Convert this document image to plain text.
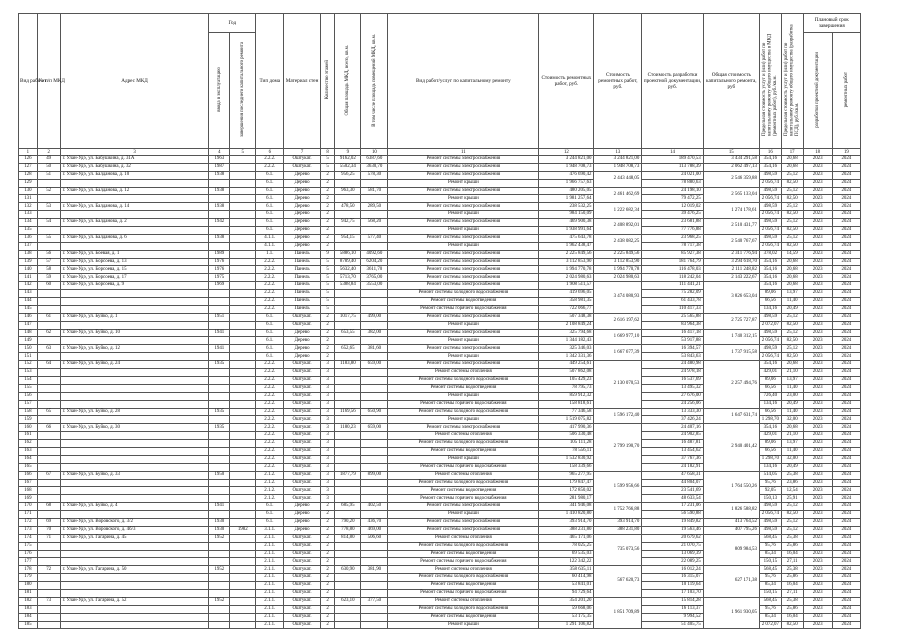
Вид рабо от	№ п/п МКД	Адрес МКД	Год		Тип дома	Материал стен	Количество этажей	Общая площадь МКД, всего, кв.м.	В том числе площадь помещений МКД, кв.м.	Вид работ/услуг по капитальному ремонту	Стоимость ремонтных работ, руб.	Стоимость ремонтных работ, руб.	Стоимость разработки проектной документации, руб.	Общая стоимость капитального ремонта, руб	Предельная стоимость услуг и (или) работ по капитальному ремонту общего имущества в МКД (ремонтных работ), руб./кв.м.	Предельная стоимость услуг и (или) работ по капитальному ремонту общего имущества (разработка ПСД), руб./кв.м.	Плановый срок завершения	
			ввода в эксплуатацию	завершения последнего капитального ремонта													разработки проектной документации	ремонтных работ
1	2	3	4	5	6	7	8	9	10	11	12	13	14	15	16	17	18	19
126	49	г. Улан-Удэ, ул. Бабушкина, д. 31А	1963		2.2.2.	Оштукат.	5	9162,02	6387,60	Ремонт системы электроснабжения	3 244 821,00	3 244 821,00	189 470,53	3 434 291,58	354,16	20,68	2023	2024
127	50	г. Улан-Удэ, ул. Бабушкина, д. 32	1987		2.2.2.	Оштукат.	5	5502,34	3630,70	Ремонт системы электроснабжения	1 948 708,73	1 948 708,73	113 788,39	2 062 497,13	354,16	20,68	2023	2024
128	51	г. Улан-Удэ, ул. Балданова, д. 10	1938		6.1.	Дерево	2	956,25	578,30	Ремонт системы электроснабжения	476 690,42	2 443 448,05	24 021,00	2 546 359,88	498,59	25,12	2023	2024
129					6.1.	Дерево	2			Ремонт крыши	1 966 757,63		78 880,63		2 056,74	82,50	2023	2024
130	52	г. Улан-Удэ, ул. Балданова, д. 12	1938		6.1.	Дерево	2	963,30	581,70	Ремонт системы электроснабжения	480 205,05	2 461 462,69	24 198,10	2 565 133,04	498,59	25,12	2023	2024
131					6.1.	Дерево	2			Ремонт крыши	1 981 257,64		79 472,25		2 056,74	82,50	2023	2024
132	53	г. Улан-Удэ, ул. Балданова, д. 14	1938		6.1.	Дерево	2	478,50	289,50	Ремонт системы электроснабжения	238 532,25	1 222 682,34	12 019,02	1 274 178,61	498,59	25,12	2023	2024
133					6.1.	Дерево	2			Ремонт крыши	984 150,09		39 476,25		2 056,74	82,50	2023	2024
134	54	г. Улан-Удэ, ул. Балданова, д. 2	1942		6.1.	Дерево	2	942,75	568,20	Ремонт системы электроснабжения	469 900,38	2 408 892,01	23 681,88	2 510 431,77	498,59	25,12	2023	2024
135					6.1.	Дерево	2			Ремонт крыши	1 938 991,64		77 776,88		2 056,74	82,50	2023	2024
136	55	г. Улан-Удэ, ул. Балданова, д. 6	1938		4.1.1.	Дерево	2	954,15	577,40	Ремонт системы электроснабжения	475 643,78	2 438 082,25	23 968,25	2 540 767,67	498,59	25,12	2023	2024
137					4.1.1.	Дерево	2			Ремонт крыши	1 962 438,47		78 717,38		2 056,74	82,50	2023	2024
138	56	г. Улан-Удэ, ул. Боевая, д. 1	1989		1.1.	Панель	9	5886,10	4092,60	Ремонт системы электроснабжения	2 225 849,56	2 225 849,56	85 927,38	2 311 776,94	378,02	14,59	2023	2024
139	57	г. Улан-Удэ, ул. Борсоева, д. 13	1976		2.2.2.	Панель	5	8789,40	6204,20	Ремонт системы электроснабжения	3 112 853,90	3 112 853,90	181 764,79	3 294 618,70	354,16	20,68	2023	2024
140	58	г. Улан-Удэ, ул. Борсоева, д. 15	1976		2.2.2.	Панель	5	5632,40	3611,70	Ремонт системы электроснабжения	1 994 770,78	1 994 770,78	116 478,03	2 111 248,82	354,16	20,68	2023	2024
141	59	г. Улан-Удэ, ул. Борсоева, д. 17	1975		2.2.2.	Панель	5	5713,70	3765,00	Ремонт системы электроснабжения	2 024 980,63	2 024 980,63	118 242,04	2 143 222,67	354,16	20,68	2023	2024
142	60	г. Улан-Удэ, ул. Борсоева, д. 9	1969		2.2.2.	Панель	5	5388,84	3553,00	Ремонт системы электроснабжения	1 908 511,57	3 474 080,93	111 441,21	3 826 653,04	354,16	20,68	2023	2024
143					2.2.2.	Панель	5			Ремонт системы холодного водоснабжения	419 696,05		75 282,09		89,06	13,97	2023	2024
144					2.2.2.	Панель	5			Ремонт системы водоотведения	358 981,35		61 433,78		66,56	11,40	2023	2024
145					2.2.2.	Панель	5			Ремонт системы горячего водоснабжения	722 066,77		110 417,33		134,16	20,49	2023	2024
146	61	г. Улан-Удэ, ул. Буйко, д. 1	1951		6.1.	Оштукат.	2	1017,75	499,00	Ремонт системы электроснабжения	507 348,38	2 616 197,62	25 565,88	2 725 727,87	498,59	25,12	2023	2024
147					6.1.	Оштукат.	2			Ремонт крыши	2 108 849,24		83 964,38		2 072,07	82,50	2023	2024
148	62	г. Улан-Удэ, ул. Буйко, д. 10	1941		6.1.	Дерево	2	653,55	382,00	Ремонт системы электроснабжения	325 794,68	1 669 977,10	16 417,18	1 740 312,15	498,59	25,12	2023	2024
149					6.1.	Дерево	2			Ремонт крыши	1 344 182,43		53 917,88		2 056,74	82,50	2023	2024
150	63	г. Улан-Удэ, ул. Буйко, д. 12	1941		6.1.	Дерево	2	652,65	381,60	Ремонт системы электроснабжения	325 346,03	1 667 677,39	16 394,57	1 737 915,58	498,59	25,12	2023	2024
151					6.1.	Дерево	2			Ремонт крыши	1 342 331,36		53 843,63		2 056,74	82,50	2023	2024
152	64	г. Улан-Удэ, ул. Буйко, д. 24	1935		2.2.2.	Оштукат.	3	1183,80	659,00	Ремонт системы электроснабжения	449 254,61	2 130 070,53	24 480,98	2 257 494,76	354,16	20,68	2023	2024
153					2.2.2.	Оштукат.	3			Ремонт системы отопления	507 862,08		24 978,18		429,01	21,10	2023	2024
154					2.2.2.	Оштукат.	3			Ремонт системы холодного водоснабжения	105 429,23		16 537,69		89,06	13,97	2023	2024
155					2.2.2.	Оштукат.	3			Ремонт системы водоотведения	78 795,73		13 495,32		66,56	11,40	2023	2024
156					2.2.2.	Оштукат.	3			Ремонт крыши	859 912,32		27 676,00		726,40	23,00	2023	2024
157					2.2.2.	Оштукат.	3			Ремонт системы горячего водоснабжения	158 818,61		24 256,06		134,16	20,49	2023	2024
158	65	г. Улан-Удэ, ул. Буйко, д. 28	1935		2.2.2.	Оштукат.	3	1169,56	650,90	Ремонт системы холодного водоснабжения	77 346,58	1 596 172,40	13 333,30	1 647 631,74	66,56	11,40	2023	2024
159					2.2.2.	Оштукат.	3			Ремонт крыши	1 519 075,82		37 426,24		1 298,70	32,00	2023	2024
160	66	г. Улан-Удэ, ул. Буйко, д. 30	1935		2.2.2.	Оштукат.	3	1180,23	659,00	Ремонт системы электроснабжения	417 990,36	2 799 190,70	24 407,16	2 940 401,42	354,16	20,68	2023	2024
161					2.2.2.	Оштукат.	3			Ремонт системы отопления	506 330,48		24 902,85		429,01	21,10	2023	2024
162					2.2.2.	Оштукат.	3			Ремонт системы холодного водоснабжения	105 111,28		16 487,81		89,06	13,97	2023	2024
163					2.2.2.	Оштукат.	3			Ремонт системы водоотведения	78 556,11		13 454,62		66,56	11,40	2023	2024
164					2.2.2.	Оштукат.	3			Ремонт крыши	1 532 830,92		37 767,36		1 298,70	32,00	2023	2024
165					2.2.2.	Оштукат.	3			Ремонт системы горячего водоснабжения	158 339,66		24 182,91		134,16	20,49	2023	2024
166	67	г. Улан-Удэ, ул. Буйко, д. 33	1950		2.1.2.	Оштукат.	3	1877,79	899,00	Ремонт системы отопления	965 277,95	1 599 956,66	47 658,31	1 764 550,26	514,05	25,38	2023	2024
167					2.1.2.	Оштукат.	3			Ремонт системы холодного водоснабжения	179 847,47		44 804,07		95,76	23,86	2023	2024
168					2.1.2.	Оштукат.	3			Ремонт системы водоотведения	172 850,02		23 541,69		92,05	12,54	2023	2024
169					2.1.2.	Оштукат.	3			Ремонт системы горячего водоснабжения	281 980,17		48 633,54		150,13	25,91	2023	2024
170	68	г. Улан-Удэ, ул. Буйко, д. 4	1941		6.1.	Дерево	2	685,95	402,50	Ремонт системы электроснабжения	341 946,08	1 752 766,88	17 231,06	1 826 588,82	498,59	25,12	2023	2024
171					6.1.	Дерево	2			Ремонт крыши	1 410 820,80		56 590,88		2 056,74	82,50	2023	2024
172	69	г. Улан-Удэ, ул. Воровского, д. 3/2	1930		6.1.	Дерево	2	790,20	436,70	Ремонт системы электроснабжения	393 914,70	393 914,70	19 849,82	413 764,52	498,59	25,12	2023	2024
173	70	г. Улан-Удэ, ул. Воровского, д. 4б/3	1930	1982	3.1.1.	Дерево	2	778,80	469,00	Ремонт системы электроснабжения	388 231,80	388 231,80	19 563,46	407 795,26	498,59	25,12	2023	2024
174	71	г. Улан-Удэ, ул. Гагарина, д. 45	1952		2.1.1.	Оштукат.	2	814,80	506,60	Ремонт системы отопления	465 171,06	735 073,56	20 679,62	809 984,53	568,45	25,38	2023	2024
175					2.1.1.	Оштукат.	2			Ремонт системы холодного водоснабжения	78 025,25		21 070,75		95,76	25,86	2023	2024
176					2.1.1.	Оштукат.	2			Ремонт системы водоотведения	69 535,03		13 069,39		85,34	16,04	2023	2024
177					2.1.1.	Оштукат.	2			Ремонт системы горячего водоснабжения	122 342,22		22 089,25		150,15	27,11	2023	2024
178	72	г. Улан-Удэ, ул. Гагарина, д. 50	1952		2.1.1.	Оштукат.	2	630,90	381,90	Ремонт системы отопления	358 635,11	567 620,73	16 012,24	627 171,38	568,45	25,38	2023	2024
179					2.1.1.	Оштукат.	2			Ремонт системы холодного водоснабжения	60 414,98		16 315,07		95,76	25,86	2023	2024
180					2.1.1.	Оштукат.	2			Ремонт системы водоотведения	53 841,01		10 119,64		85,34	16,04	2023	2024
181					2.1.1.	Оштукат.	2			Ремонт системы горячего водоснабжения	94 729,64		17 103,70		150,15	27,11	2023	2024
182	73	г. Улан-Удэ, ул. Гагарина, д. 52	1952		2.1.1.	Оштукат.	2	623,10	377,50	Ремонт системы отопления	354 201,20	1 851 709,89	15 814,28	1 961 930,05	568,45	25,38	2023	2024
183					2.1.1.	Оштукат.	2			Ремонт системы холодного водоснабжения	59 668,06		16 113,37		95,76	25,86	2023	2024
184					2.1.1.	Оштукат.	2			Ремонт системы водоотведения	53 175,35		9 994,52		85,34	16,04	2023	2024
185					2.1.1.	Оштукат.	2			Ремонт крыши	1 291 106,82		51 405,75		2 072,07	82,50	2023	2024
